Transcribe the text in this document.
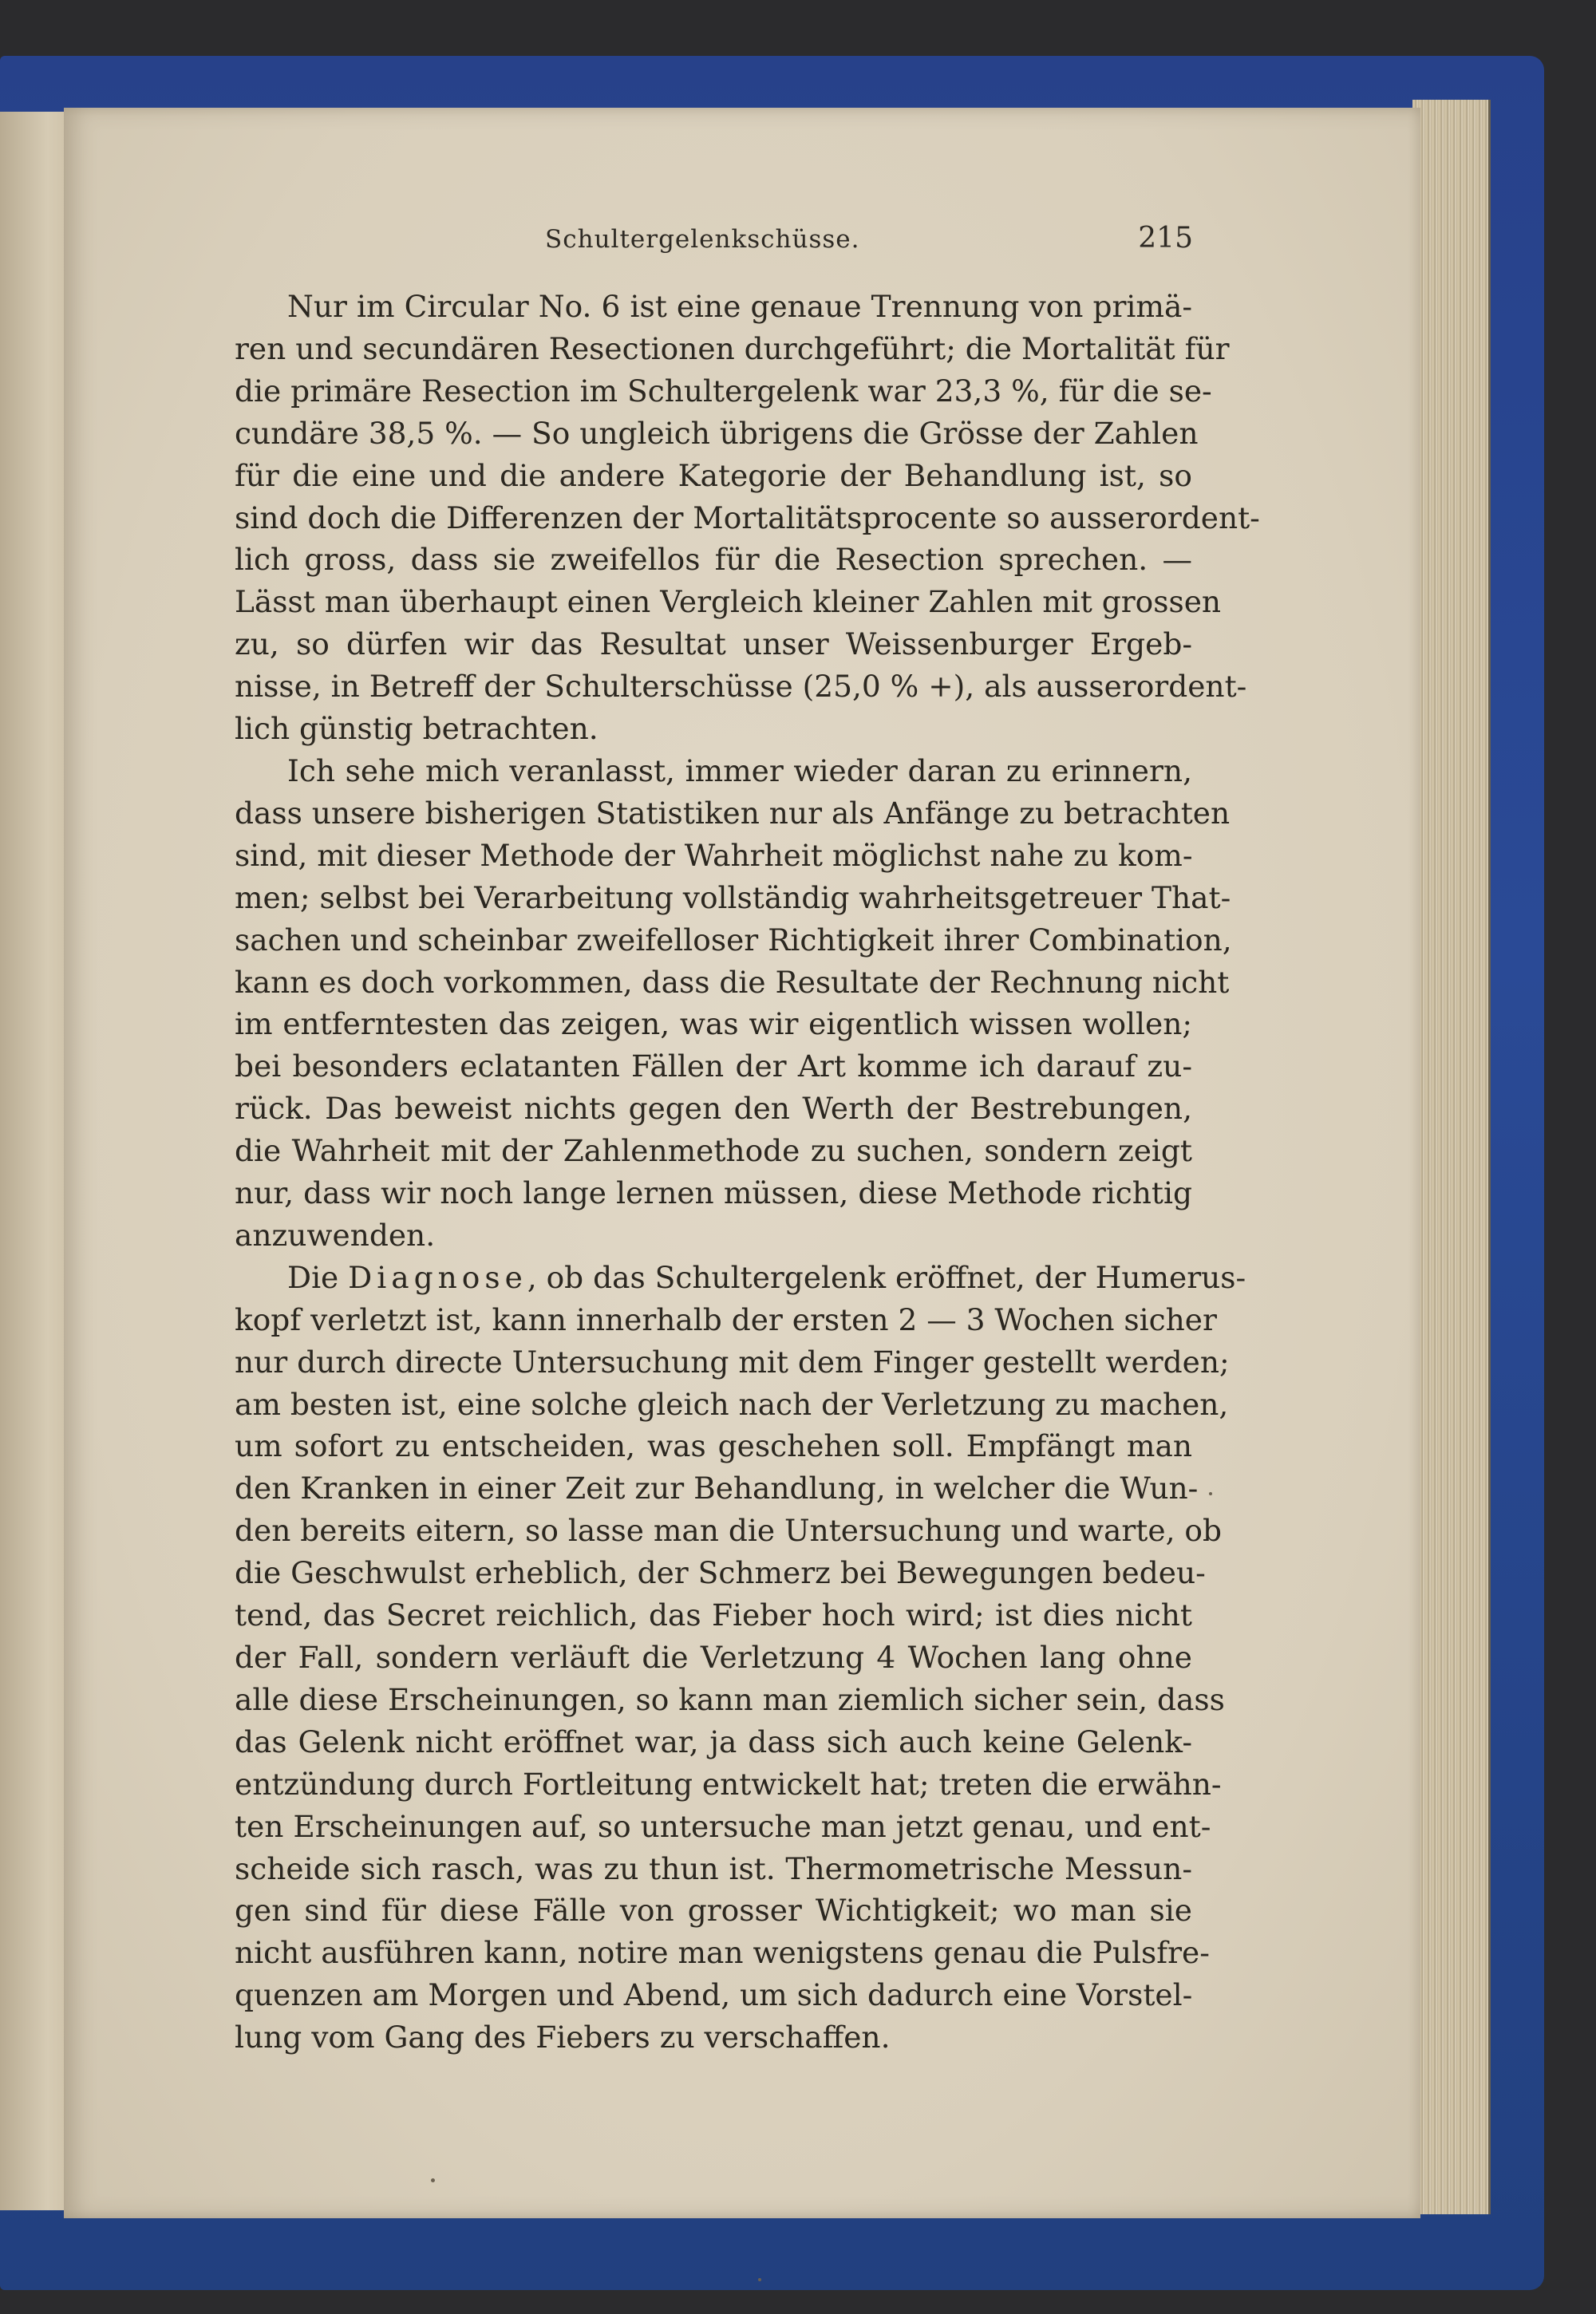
Schultergelenkschüsse.	215

Nur im Circular No. 6 ist eine genaue Trennung von primä-
ren und secundären Resectionen durchgeführt; die Mortalität für
die primäre Resection im Schultergelenk war 23,3 %, für die se-
cundäre 38,5 %. — So ungleich übrigens die Grösse der Zahlen
für die eine und die andere Kategorie der Behandlung ist, so
sind doch die Differenzen der Mortalitätsprocente so ausserordent-
lich gross, dass sie zweifellos für die Resection sprechen. —
Lässt man überhaupt einen Vergleich kleiner Zahlen mit grossen
zu, so dürfen wir das Resultat unser Weissenburger Ergeb-
nisse, in Betreff der Schulterschüsse (25,0 % +), als ausserordent-
lich günstig betrachten.

Ich sehe mich veranlasst, immer wieder daran zu erinnern,
dass unsere bisherigen Statistiken nur als Anfänge zu betrachten
sind, mit dieser Methode der Wahrheit möglichst nahe zu kom-
men; selbst bei Verarbeitung vollständig wahrheitsgetreuer That-
sachen und scheinbar zweifelloser Richtigkeit ihrer Combination,
kann es doch vorkommen, dass die Resultate der Rechnung nicht
im entferntesten das zeigen, was wir eigentlich wissen wollen;
bei besonders eclatanten Fällen der Art komme ich darauf zu-
rück. Das beweist nichts gegen den Werth der Bestrebungen,
die Wahrheit mit der Zahlenmethode zu suchen, sondern zeigt
nur, dass wir noch lange lernen müssen, diese Methode richtig
anzuwenden.

Die Diagnose, ob das Schultergelenk eröffnet, der Humerus-
kopf verletzt ist, kann innerhalb der ersten 2 — 3 Wochen sicher
nur durch directe Untersuchung mit dem Finger gestellt werden;
am besten ist, eine solche gleich nach der Verletzung zu machen,
um sofort zu entscheiden, was geschehen soll. Empfängt man
den Kranken in einer Zeit zur Behandlung, in welcher die Wun-
den bereits eitern, so lasse man die Untersuchung und warte, ob
die Geschwulst erheblich, der Schmerz bei Bewegungen bedeu-
tend, das Secret reichlich, das Fieber hoch wird; ist dies nicht
der Fall, sondern verläuft die Verletzung 4 Wochen lang ohne
alle diese Erscheinungen, so kann man ziemlich sicher sein, dass
das Gelenk nicht eröffnet war, ja dass sich auch keine Gelenk-
entzündung durch Fortleitung entwickelt hat; treten die erwähn-
ten Erscheinungen auf, so untersuche man jetzt genau, und ent-
scheide sich rasch, was zu thun ist. Thermometrische Messun-
gen sind für diese Fälle von grosser Wichtigkeit; wo man sie
nicht ausführen kann, notire man wenigstens genau die Pulsfre-
quenzen am Morgen und Abend, um sich dadurch eine Vorstel-
lung vom Gang des Fiebers zu verschaffen.
